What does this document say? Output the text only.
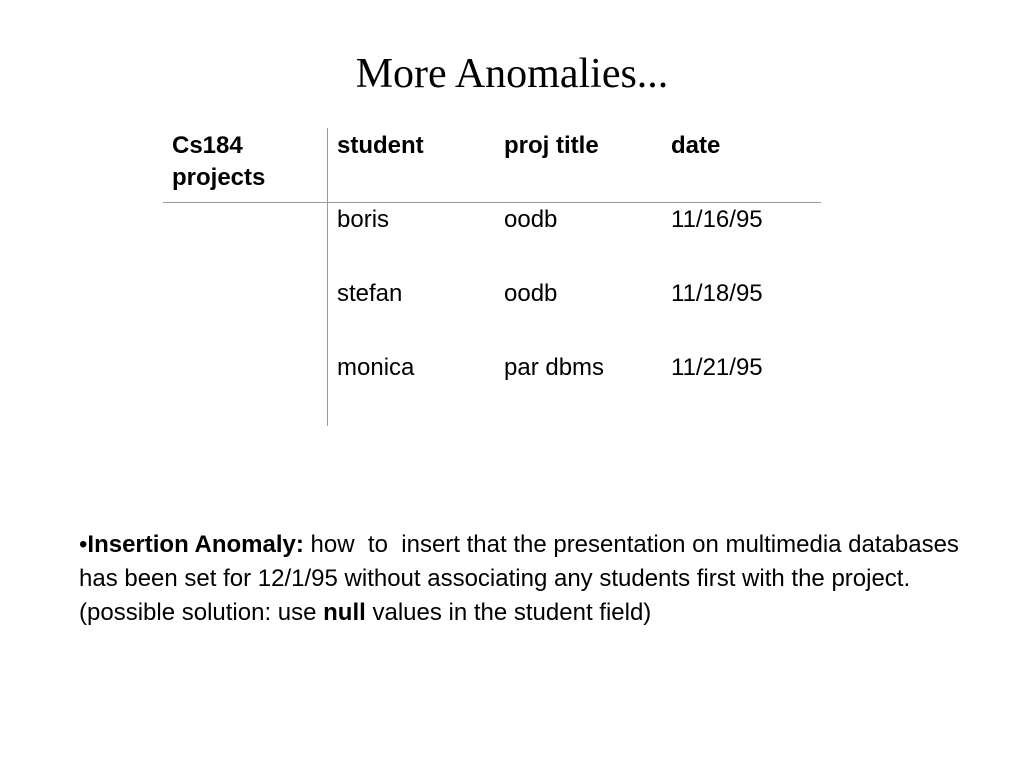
More Anomalies...
Cs184
projects
student	proj title	date
boris	oodb	11/16/95
stefan	oodb	11/18/95
monica	par dbms	11/21/95
•Insertion Anomaly: how  to  insert that the presentation on multimedia databases has been set for 12/1/95 without associating any students first with the project. (possible solution: use null values in the student field)
